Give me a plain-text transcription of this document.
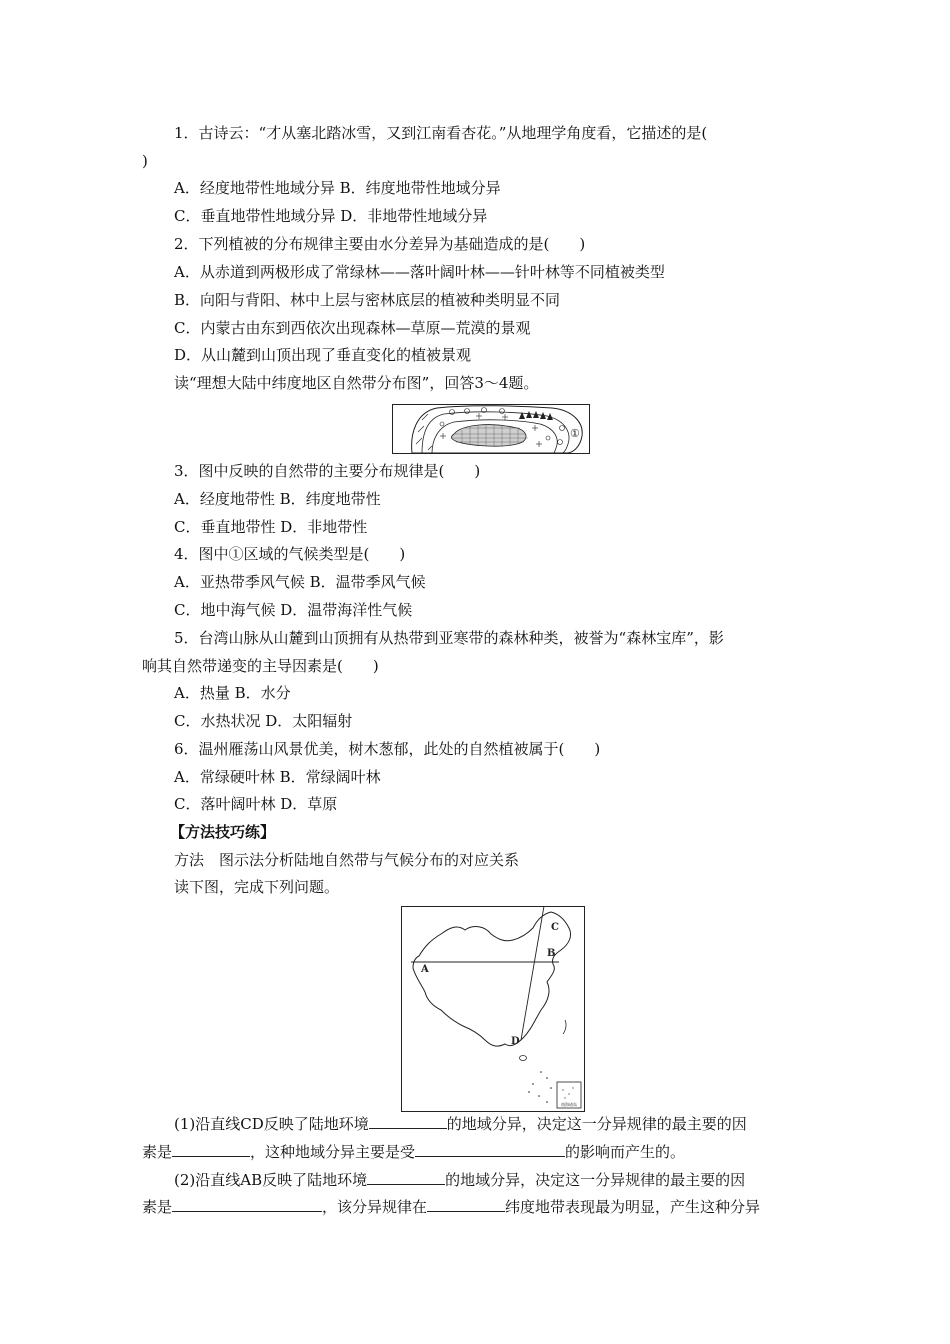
1．古诗云：“才从塞北踏冰雪，又到江南看杏花。”从地理学角度看，它描述的是(
)
A．经度地带性地域分异 B．纬度地带性地域分异
C．垂直地带性地域分异 D．非地带性地域分异
2．下列植被的分布规律主要由水分差异为基础造成的是(　　)
A．从赤道到两极形成了常绿林——落叶阔叶林——针叶林等不同植被类型
B．向阳与背阳、林中上层与密林底层的植被种类明显不同
C．内蒙古由东到西依次出现森林—草原—荒漠的景观
D．从山麓到山顶出现了垂直变化的植被景观
读“理想大陆中纬度地区自然带分布图”，回答3～4题。
①
3．图中反映的自然带的主要分布规律是(　　)
A．经度地带性 B．纬度地带性
C．垂直地带性 D．非地带性
4．图中①区域的气候类型是(　　)
A．亚热带季风气候 B．温带季风气候
C．地中海气候 D．温带海洋性气候
5．台湾山脉从山麓到山顶拥有从热带到亚寒带的森林种类，被誉为“森林宝库”，影
响其自然带递变的主导因素是(　　)
A．热量 B．水分
C．水热状况 D．太阳辐射
6．温州雁荡山风景优美，树木葱郁，此处的自然植被属于(　　)
A．常绿硬叶林 B．常绿阔叶林
C．落叶阔叶林 D．草原
【方法技巧练】
方法　图示法分析陆地自然带与气候分布的对应关系
读下图，完成下列问题。
南海诸岛
A
B
C
D
(1)沿直线CD反映了陆地环境	的地域分异，决定这一分异规律的最主要的因
素是	，这种地域分异主要是受	的影响而产生的。
(2)沿直线AB反映了陆地环境	的地域分异，决定这一分异规律的最主要的因
素是	，该分异规律在	纬度地带表现最为明显，产生这种分异
